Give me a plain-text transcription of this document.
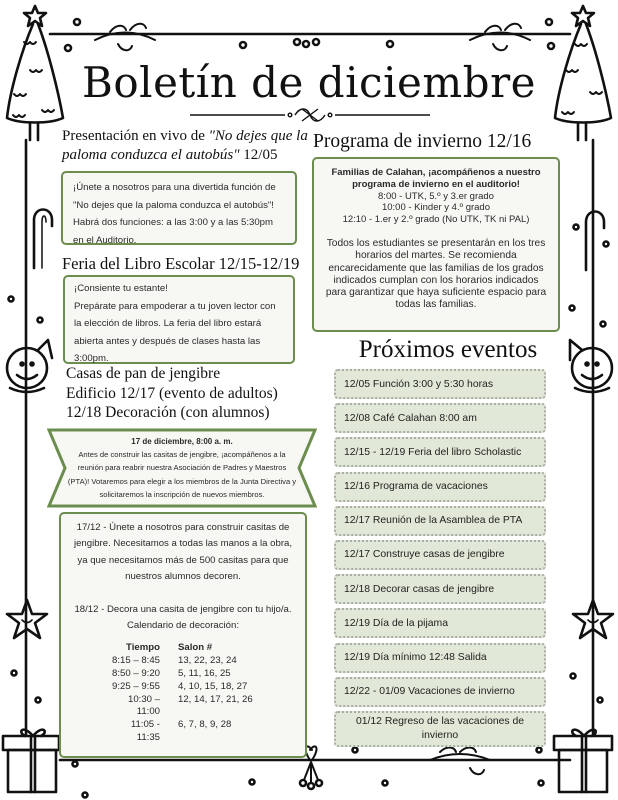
Boletín de diciembre
Presentación en vivo de "No dejes que la paloma conduzca el autobús" 12/05

¡Únete a nosotros para una divertida función de "No dejes que la paloma conduzca el autobús"! Habrá dos funciones: a las 3:00 y a las 5:30pm en el Auditorio.

Programa de invierno 12/16

Familias de Calahan, ¡acompáñenos a nuestro programa de invierno en el auditorio!

8:00 - UTK, 5.º y 3.er grado

10:00 - Kinder y 4.º grado

12:10 - 1.er y 2.º grado (No UTK, TK ni PAL)

Todos los estudiantes se presentarán en los tres horarios del martes. Se recomienda encarecidamente que las familias de los grados indicados cumplan con los horarios indicados para garantizar que haya suficiente espacio para todas las familias.

Feria del Libro Escolar 12/15-12/19

¡Consiente tu estante!

Prepárate para empoderar a tu joven lector con la elección de libros. La feria del libro estará abierta antes y después de clases hasta las 3:00pm.

Casas de pan de jengibre
Edificio 12/17 (evento de adultos)
12/18 Decoración (con alumnos)

17 de diciembre, 8:00 a. m.

Antes de construir las casitas de jengibre, ¡acompáñenos a la reunión para reabrir nuestra Asociación de Padres y Maestros (PTA)! Votaremos para elegir a los miembros de la Junta Directiva y solicitaremos la inscripción de nuevos miembros.

17/12 - Únete a nosotros para construir casitas de jengibre. Necesitamos a todas las manos a la obra, ya que necesitamos más de 500 casitas para que nuestros alumnos decoren.

18/12 - Decora una casita de jengibre con tu hijo/a. Calendario de decoración:

Tiempo	Salon #
8:15 – 8:45	13, 22, 23, 24
8:50 – 9:20	5, 11, 16, 25
9:25 – 9:55	4, 10, 15, 18, 27
10:30 – 11:00	12, 14, 17, 21, 26
11:05 - 11:35	6, 7, 8, 9, 28
Próximos eventos
12/05 Función 3:00 y 5:30 horas
12/08 Café Calahan 8:00 am
12/15 - 12/19 Feria del libro Scholastic
12/16 Programa de vacaciones
12/17 Reunión de la Asamblea de PTA
12/17 Construye casas de jengibre
12/18 Decorar casas de jengibre
12/19 Día de la pijama
12/19 Día mínimo 12:48 Salida
12/22 - 01/09 Vacaciones de invierno
01/12 Regreso de las vacaciones de invierno
